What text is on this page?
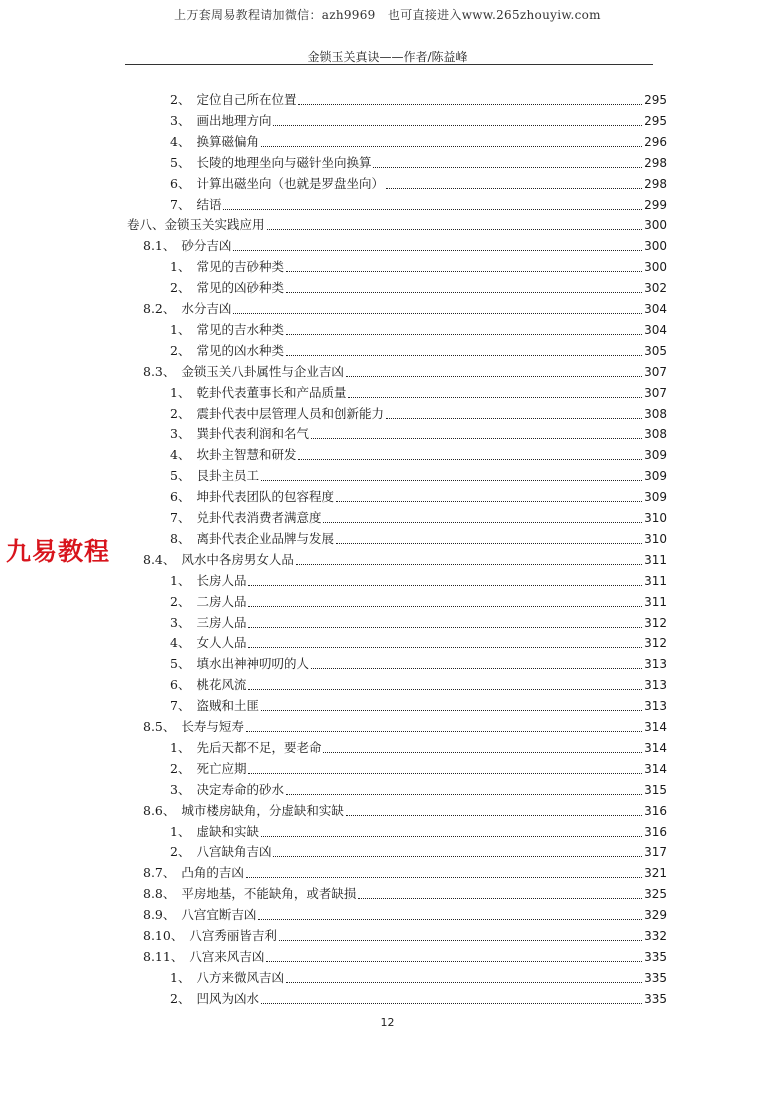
上万套周易教程请加微信：azh9969　也可直接进入www.265zhouyiw.com
金锁玉关真诀——作者/陈益峰
2、 定位自己所在位置	295
3、 画出地理方向	295
4、 换算磁偏角	296
5、 长陵的地理坐向与磁针坐向换算	298
6、 计算出磁坐向（也就是罗盘坐向）	298
7、 结语	299
卷八、金锁玉关实践应用	300
8.1、 砂分吉凶	300
1、 常见的吉砂种类	300
2、 常见的凶砂种类	302
8.2、 水分吉凶	304
1、 常见的吉水种类	304
2、 常见的凶水种类	305
8.3、 金锁玉关八卦属性与企业吉凶	307
1、 乾卦代表董事长和产品质量	307
2、 震卦代表中层管理人员和创新能力	308
3、 巽卦代表利润和名气	308
4、 坎卦主智慧和研发	309
5、 艮卦主员工	309
6、 坤卦代表团队的包容程度	309
7、 兑卦代表消费者满意度	310
8、 离卦代表企业品牌与发展	310
8.4、 风水中各房男女人品	311
1、 长房人品	311
2、 二房人品	311
3、 三房人品	312
4、 女人人品	312
5、 填水出神神叨叨的人	313
6、 桃花风流	313
7、 盗贼和土匪	313
8.5、 长寿与短寿	314
1、 先后天都不足，要老命	314
2、 死亡应期	314
3、 决定寿命的砂水	315
8.6、 城市楼房缺角，分虚缺和实缺	316
1、 虚缺和实缺	316
2、 八宫缺角吉凶	317
8.7、 凸角的吉凶	321
8.8、 平房地基，不能缺角，或者缺损	325
8.9、 八宫宜断吉凶	329
8.10、 八宫秀丽皆吉利	332
8.11、 八宫来风吉凶	335
1、 八方来微风吉凶	335
2、 凹风为凶水	335
九易教程
12
